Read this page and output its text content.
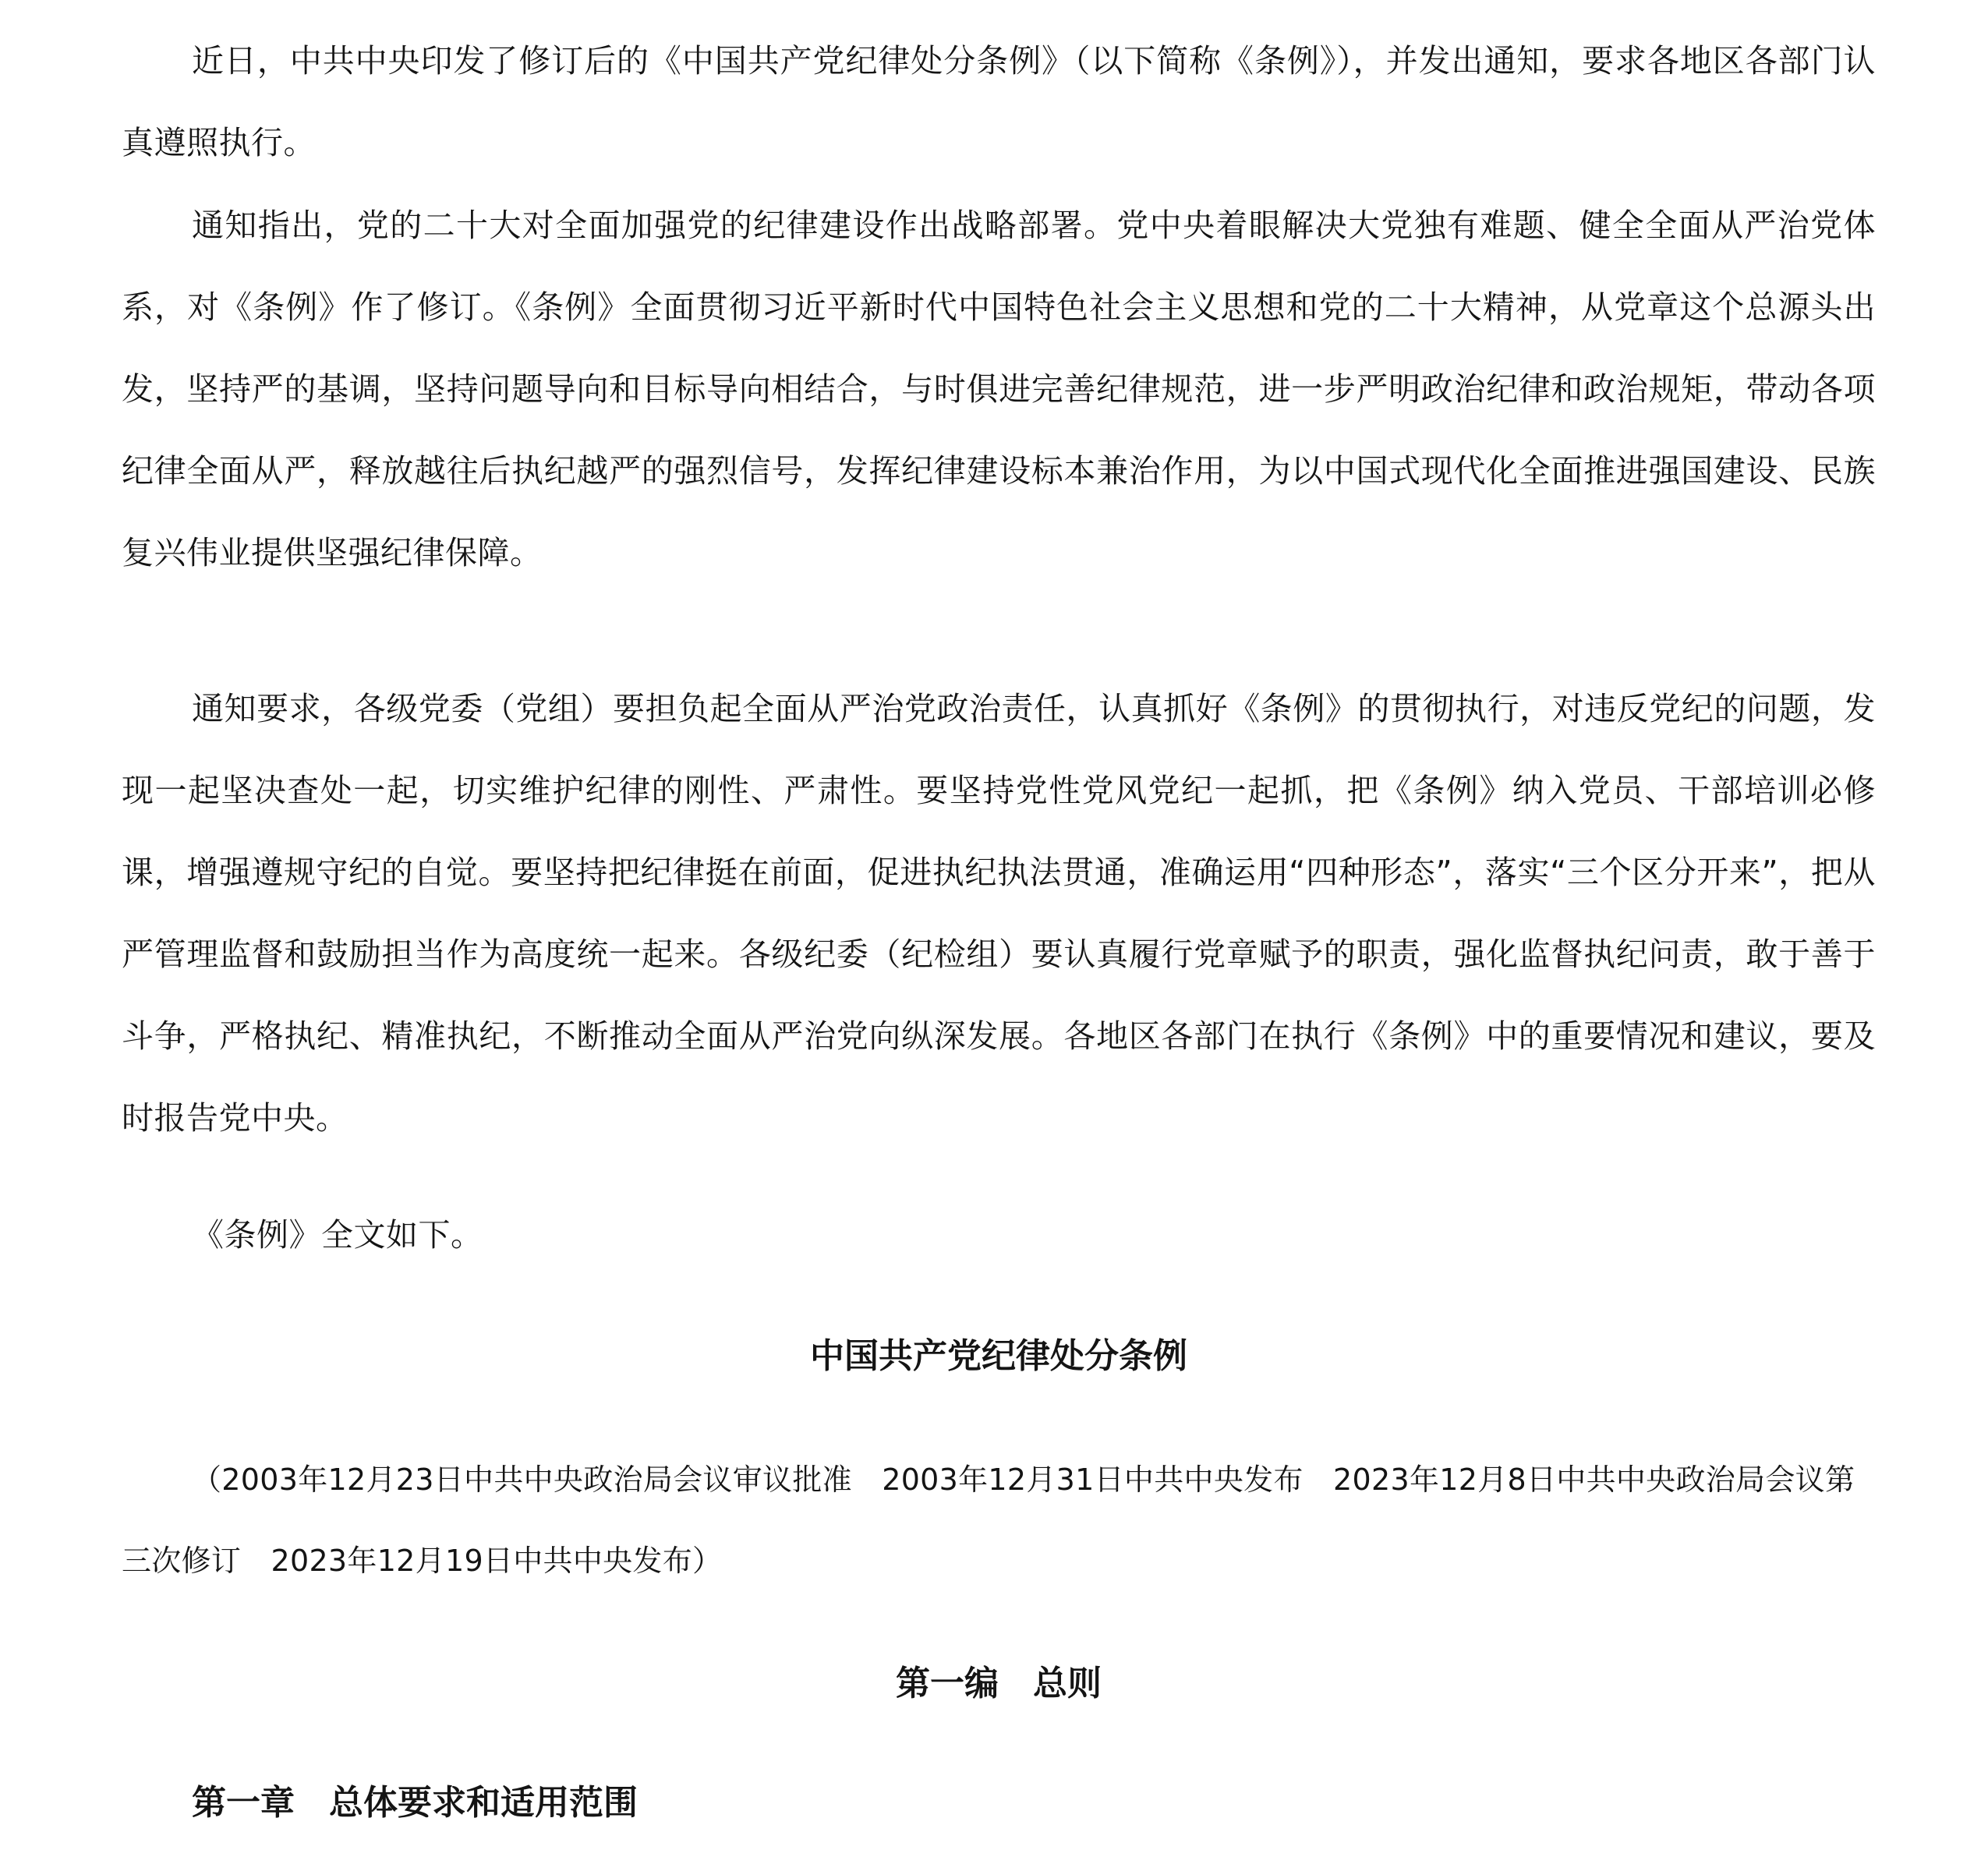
近日，中共中央印发了修订后的《中国共产党纪律处分条例》（以下简称《条例》），并发出通知，要求各地区各部门认真遵照执行。

通知指出，党的二十大对全面加强党的纪律建设作出战略部署。党中央着眼解决大党独有难题、健全全面从严治党体系，对《条例》作了修订。《条例》全面贯彻习近平新时代中国特色社会主义思想和党的二十大精神，从党章这个总源头出发，坚持严的基调，坚持问题导向和目标导向相结合，与时俱进完善纪律规范，进一步严明政治纪律和政治规矩，带动各项纪律全面从严，释放越往后执纪越严的强烈信号，发挥纪律建设标本兼治作用，为以中国式现代化全面推进强国建设、民族复兴伟业提供坚强纪律保障。

通知要求，各级党委（党组）要担负起全面从严治党政治责任，认真抓好《条例》的贯彻执行，对违反党纪的问题，发现一起坚决查处一起，切实维护纪律的刚性、严肃性。要坚持党性党风党纪一起抓，把《条例》纳入党员、干部培训必修课，增强遵规守纪的自觉。要坚持把纪律挺在前面，促进执纪执法贯通，准确运用“四种形态”，落实“三个区分开来”，把从严管理监督和鼓励担当作为高度统一起来。各级纪委（纪检组）要认真履行党章赋予的职责，强化监督执纪问责，敢于善于斗争，严格执纪、精准执纪，不断推动全面从严治党向纵深发展。各地区各部门在执行《条例》中的重要情况和建议，要及时报告党中央。

《条例》全文如下。

中国共产党纪律处分条例

（2003年12月23日中共中央政治局会议审议批准　2003年12月31日中共中央发布　2023年12月8日中共中央政治局会议第三次修订　2023年12月19日中共中央发布）

第一编　总则
第一章　总体要求和适用范围
